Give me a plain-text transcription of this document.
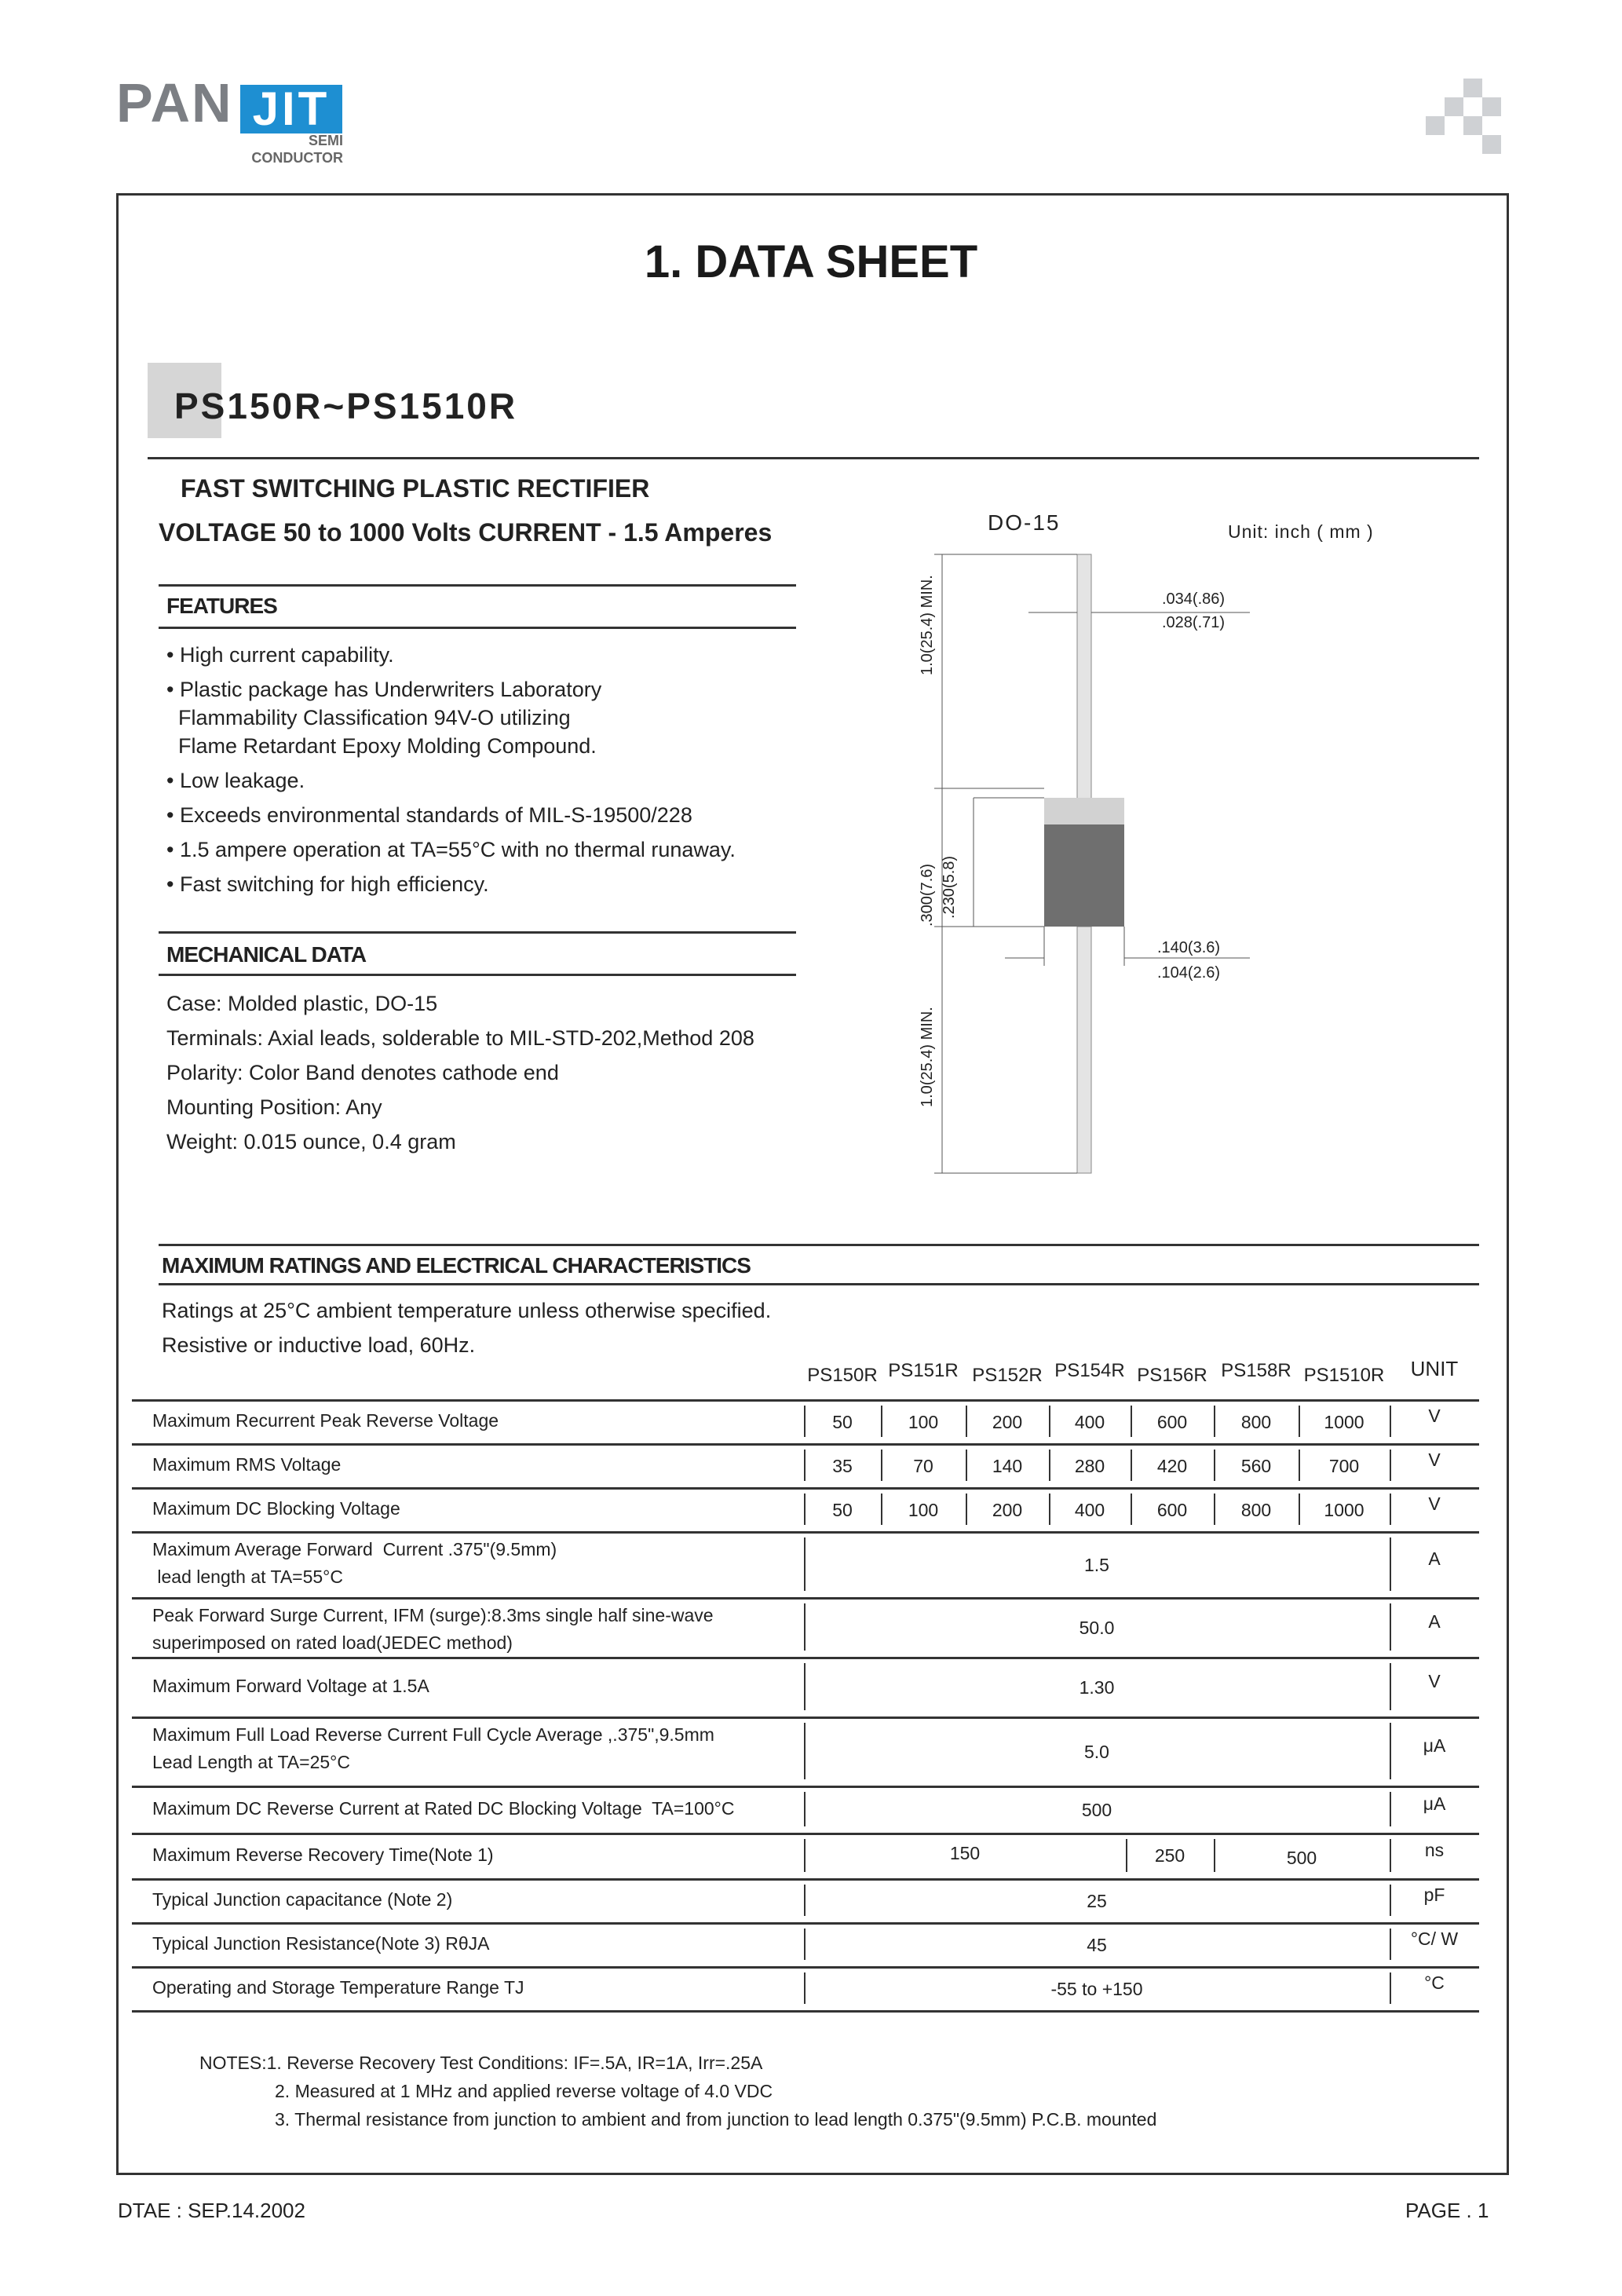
PAN JIT
SEMI
CONDUCTOR
1. DATA SHEET
PS150R~PS1510R
FAST SWITCHING PLASTIC RECTIFIER
VOLTAGE 50 to 1000 Volts CURRENT - 1.5 Amperes
FEATURES
• High current capability.
• Plastic package has Underwriters Laboratory
Flammability Classification 94V-O utilizing
Flame Retardant Epoxy Molding Compound.
• Low leakage.
• Exceeds environmental standards of MIL-S-19500/228
• 1.5 ampere operation at TA=55°C with no thermal runaway.
• Fast switching for high efficiency.
MECHANICAL DATA
Case: Molded plastic, DO-15
Terminals: Axial leads, solderable to MIL-STD-202,Method 208
Polarity: Color Band denotes cathode end
Mounting Position: Any
Weight: 0.015 ounce, 0.4 gram
DO-15	Unit: inch ( mm )
.034(.86)
.028(.71)
.140(3.6)
.104(2.6)
1.0(25.4) MIN.
.300(7.6) .230(5.8)
1.0(25.4) MIN.
MAXIMUM RATINGS AND ELECTRICAL CHARACTERISTICS
Ratings at 25°C ambient temperature unless otherwise specified.
Resistive or inductive load, 60Hz.
PS150R PS151R PS152R PS154R PS156R PS158R PS1510R	UNIT
Maximum Recurrent Peak Reverse Voltage	50	100	200	400	600	800	1000	V
Maximum RMS Voltage	35	70	140	280	420	560	700	V
Maximum DC Blocking Voltage	50	100	200	400	600	800	1000	V
Maximum Average Forward  Current .375"(9.5mm)
lead length at TA=55°C
1.5	A
Peak Forward Surge Current, IFM (surge):8.3ms single half sine-wave
superimposed on rated load(JEDEC method)
50.0	A
Maximum Forward Voltage at 1.5A	1.30	V
Maximum Full Load Reverse Current Full Cycle Average ,.375",9.5mm
Lead Length at TA=25°C	5.0	μA
Maximum DC Reverse Current at Rated DC Blocking Voltage  TA=100°C	500	μA
Maximum Reverse Recovery Time(Note 1)	150	250	500	ns
Typical Junction capacitance (Note 2)	25	pF
Typical Junction Resistance(Note 3) RθJA	45	°C/ W
Operating and Storage Temperature Range TJ	-55 to +150	°C
NOTES:1. Reverse Recovery Test Conditions: IF=.5A, IR=1A, Irr=.25A
2. Measured at 1 MHz and applied reverse voltage of 4.0 VDC
3. Thermal resistance from junction to ambient and from junction to lead length 0.375"(9.5mm) P.C.B. mounted
DTAE : SEP.14.2002	PAGE . 1
